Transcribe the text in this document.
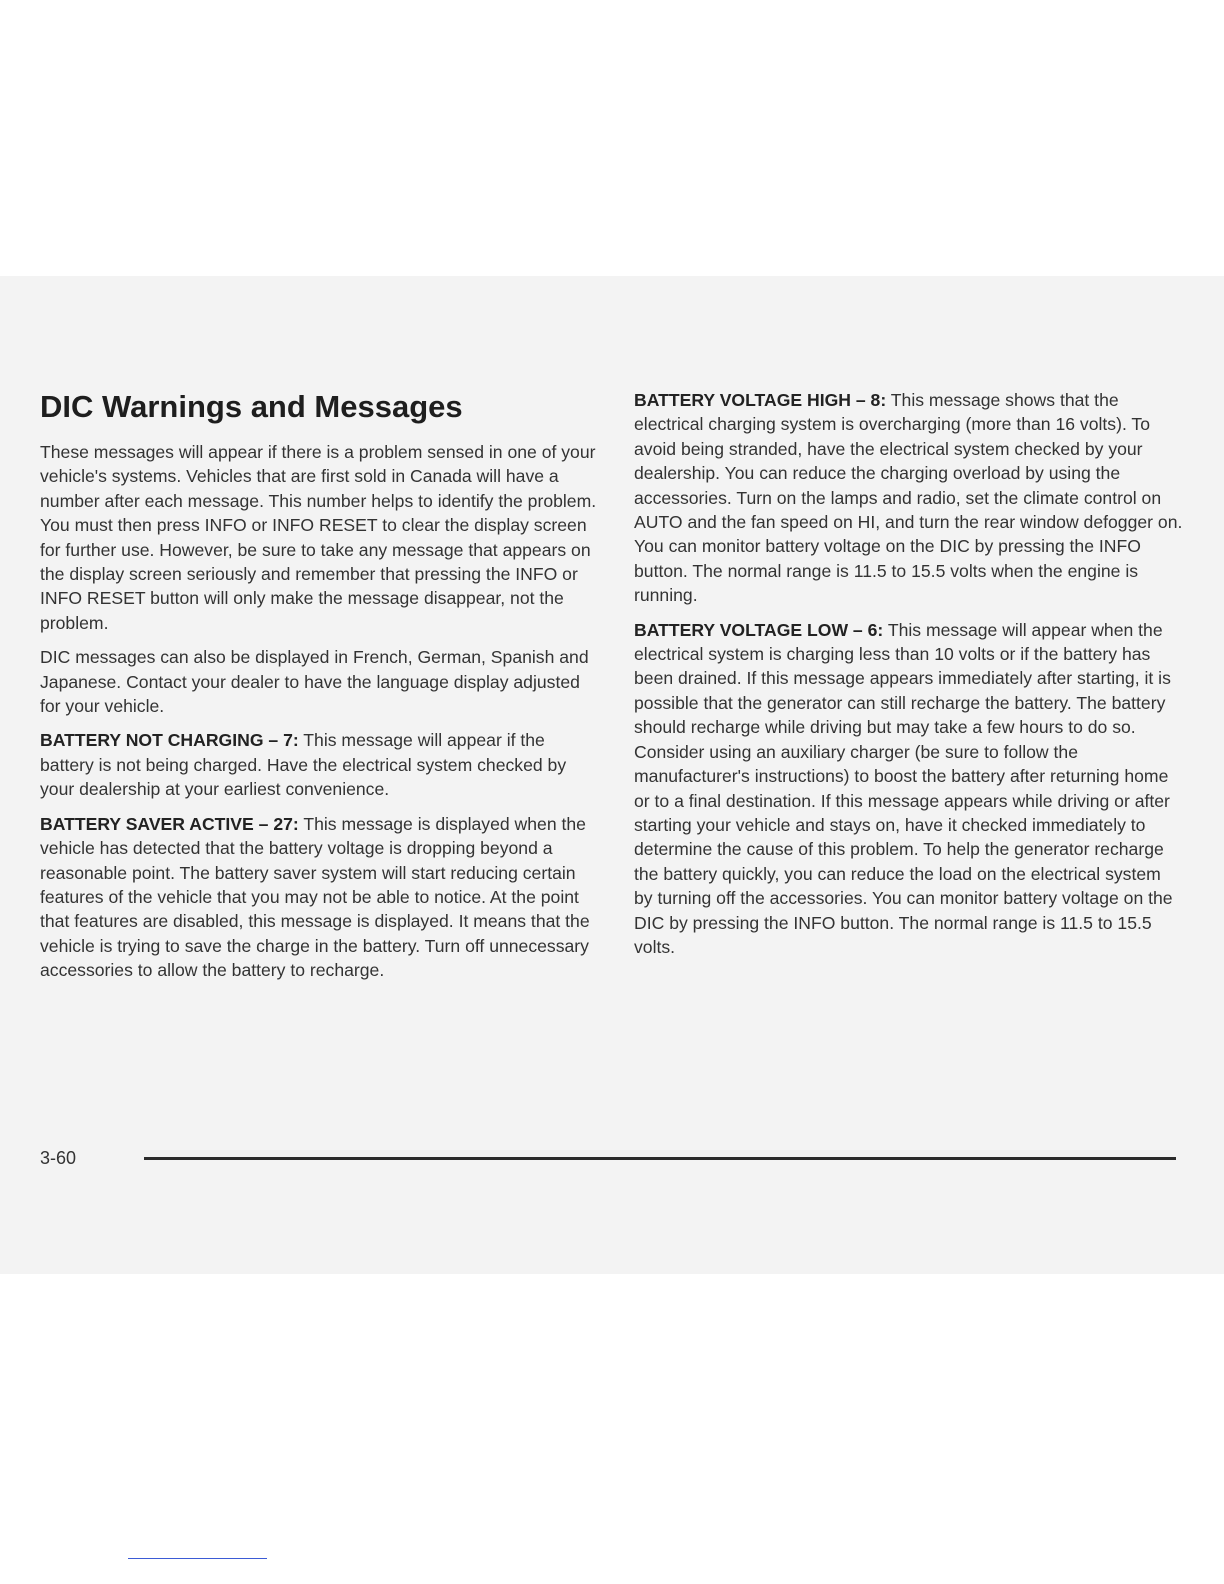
DIC Warnings and Messages

These messages will appear if there is a problem sensed in one of your vehicle's systems. Vehicles that are first sold in Canada will have a number after each message. This number helps to identify the problem. You must then press INFO or INFO RESET to clear the display screen for further use. However, be sure to take any message that appears on the display screen seriously and remember that pressing the INFO or INFO RESET button will only make the message disappear, not the problem.

DIC messages can also be displayed in French, German, Spanish and Japanese. Contact your dealer to have the language display adjusted for your vehicle.

BATTERY NOT CHARGING – 7: This message will appear if the battery is not being charged. Have the electrical system checked by your dealership at your earliest convenience.

BATTERY SAVER ACTIVE – 27: This message is displayed when the vehicle has detected that the battery voltage is dropping beyond a reasonable point. The battery saver system will start reducing certain features of the vehicle that you may not be able to notice. At the point that features are disabled, this message is displayed. It means that the vehicle is trying to save the charge in the battery. Turn off unnecessary accessories to allow the battery to recharge.

BATTERY VOLTAGE HIGH – 8: This message shows that the electrical charging system is overcharging (more than 16 volts). To avoid being stranded, have the electrical system checked by your dealership. You can reduce the charging overload by using the accessories. Turn on the lamps and radio, set the climate control on AUTO and the fan speed on HI, and turn the rear window defogger on. You can monitor battery voltage on the DIC by pressing the INFO button. The normal range is 11.5 to 15.5 volts when the engine is running.

BATTERY VOLTAGE LOW – 6: This message will appear when the electrical system is charging less than 10 volts or if the battery has been drained. If this message appears immediately after starting, it is possible that the generator can still recharge the battery. The battery should recharge while driving but may take a few hours to do so. Consider using an auxiliary charger (be sure to follow the manufacturer's instructions) to boost the battery after returning home or to a final destination. If this message appears while driving or after starting your vehicle and stays on, have it checked immediately to determine the cause of this problem. To help the generator recharge the battery quickly, you can reduce the load on the electrical system by turning off the accessories. You can monitor battery voltage on the DIC by pressing the INFO button. The normal range is 11.5 to 15.5 volts.

3-60
